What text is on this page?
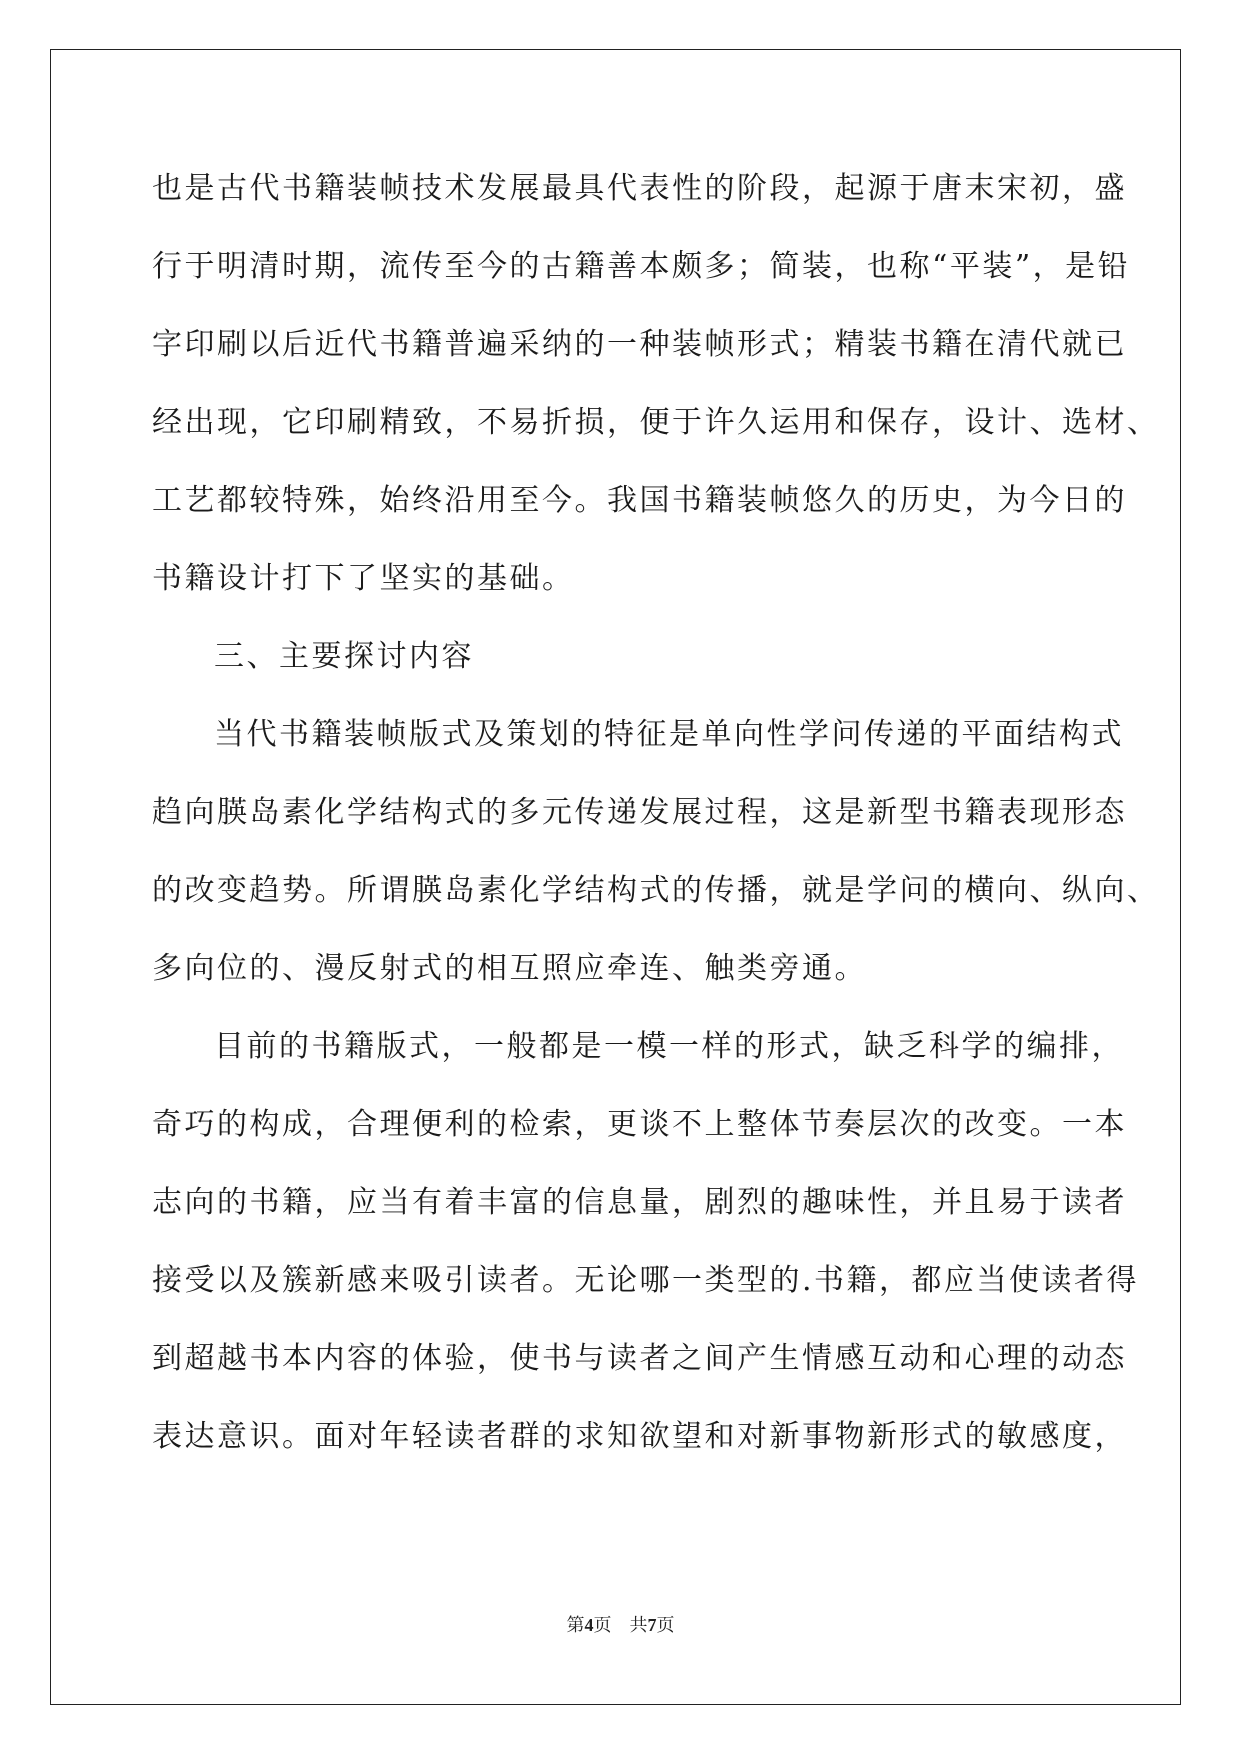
也是古代书籍装帧技术发展最具代表性的阶段，起源于唐末宋初，盛
行于明清时期，流传至今的古籍善本颇多；简装，也称“平装”，是铅
字印刷以后近代书籍普遍采纳的一种装帧形式；精装书籍在清代就已
经出现，它印刷精致，不易折损，便于许久运用和保存，设计、选材、
工艺都较特殊，始终沿用至今。我国书籍装帧悠久的历史，为今日的
书籍设计打下了坚实的基础。
三、主要探讨内容
当代书籍装帧版式及策划的特征是单向性学问传递的平面结构式
趋向朠岛素化学结构式的多元传递发展过程，这是新型书籍表现形态
的改变趋势。所谓朠岛素化学结构式的传播，就是学问的横向、纵向、
多向位的、漫反射式的相互照应牵连、触类旁通。
目前的书籍版式，一般都是一模一样的形式，缺乏科学的编排，
奇巧的构成，合理便利的检索，更谈不上整体节奏层次的改变。一本
志向的书籍，应当有着丰富的信息量，剧烈的趣味性，并且易于读者
接受以及簇新感来吸引读者。无论哪一类型的.书籍，都应当使读者得
到超越书本内容的体验，使书与读者之间产生情感互动和心理的动态
表达意识。面对年轻读者群的求知欲望和对新事物新形式的敏感度，
第4页 共7页
